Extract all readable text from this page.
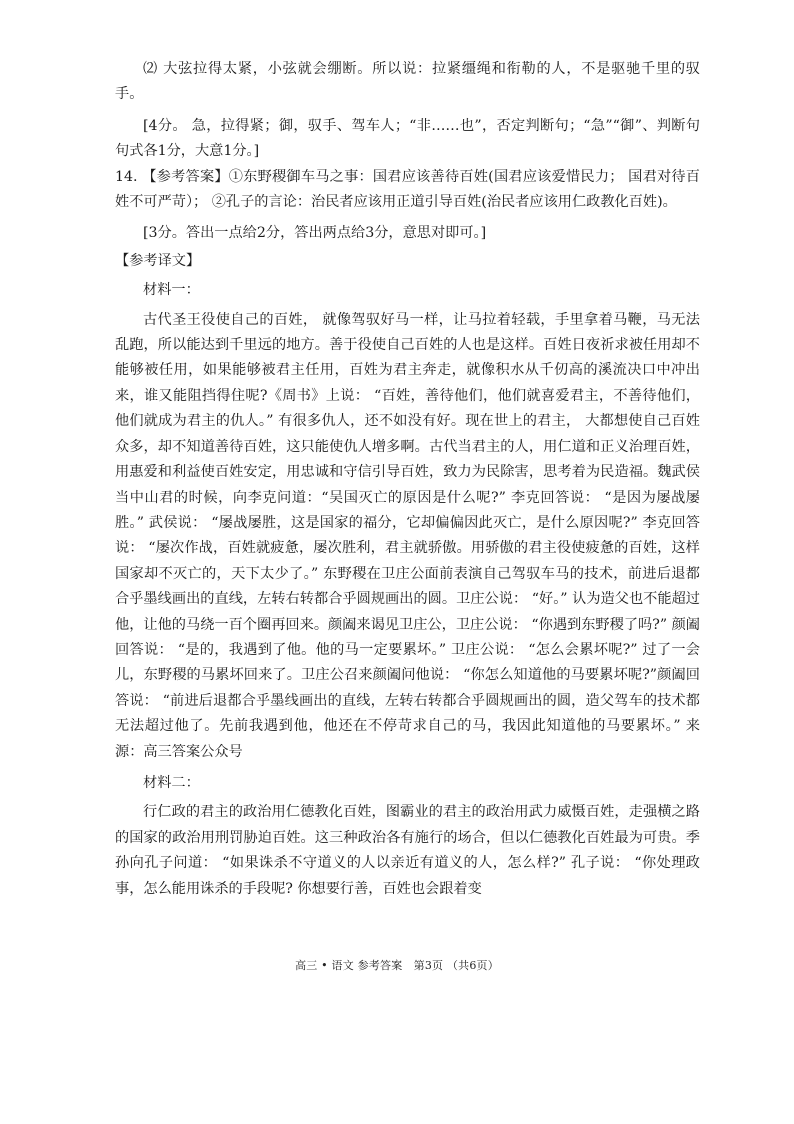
⑵ 大弦拉得太紧，小弦就会绷断。所以说：拉紧缰绳和衔勒的人，不是驱驰千里的驭手。

[4分。 急，拉得紧；御，驭手、驾车人；“非……也”，否定判断句；“急”“御”、判断句句式各1分，大意1分。]

14. 【参考答案】①东野稷御车马之事：国君应该善待百姓(国君应该爱惜民力； 国君对待百姓不可严苛）； ②孔子的言论：治民者应该用正道引导百姓(治民者应该用仁政教化百姓)。

[3分。答出一点给2分，答出两点给3分，意思对即可。]

【参考译文】

材料一：

古代圣王役使自己的百姓， 就像驾驭好马一样，让马拉着轻载，手里拿着马鞭，马无法乱跑，所以能达到千里远的地方。善于役使自己百姓的人也是这样。百姓日夜祈求被任用却不能够被任用，如果能够被君主任用，百姓为君主奔走，就像积水从千仞高的溪流决口中冲出来，谁又能阻挡得住呢?《周书》上说： “百姓，善待他们，他们就喜爱君主，不善待他们，他们就成为君主的仇人。” 有很多仇人，还不如没有好。现在世上的君主， 大都想使自己百姓众多，却不知道善待百姓，这只能使仇人增多啊。古代当君主的人，用仁道和正义治理百姓，用惠爱和利益使百姓安定，用忠诚和守信引导百姓，致力为民除害，思考着为民造福。魏武侯当中山君的时候，向李克问道：“吴国灭亡的原因是什么呢?” 李克回答说： “是因为屡战屡胜。” 武侯说： “屡战屡胜，这是国家的福分，它却偏偏因此灭亡，是什么原因呢?” 李克回答说： “屡次作战，百姓就疲惫，屡次胜利，君主就骄傲。用骄傲的君主役使疲惫的百姓，这样国家却不灭亡的，天下太少了。” 东野稷在卫庄公面前表演自己驾驭车马的技术，前进后退都合乎墨线画出的直线，左转右转都合乎圆规画出的圆。卫庄公说： “好。” 认为造父也不能超过他，让他的马绕一百个圈再回来。颜阖来谒见卫庄公，卫庄公说： “你遇到东野稷了吗?” 颜阖回答说： “是的，我遇到了他。他的马一定要累坏。” 卫庄公说： “怎么会累坏呢?” 过了一会儿，东野稷的马累坏回来了。卫庄公召来颜阖问他说： “你怎么知道他的马要累坏呢?”颜阖回答说： “前进后退都合乎墨线画出的直线，左转右转都合乎圆规画出的圆，造父驾车的技术都无法超过他了。先前我遇到他，他还在不停苛求自己的马，我因此知道他的马要累坏。” 来源：高三答案公众号

材料二：

行仁政的君主的政治用仁德教化百姓，图霸业的君主的政治用武力威慑百姓，走强横之路的国家的政治用刑罚胁迫百姓。这三种政治各有施行的场合，但以仁德教化百姓最为可贵。季孙向孔子问道： “如果诛杀不守道义的人以亲近有道义的人，怎么样?” 孔子说： “你处理政事，怎么能用诛杀的手段呢? 你想要行善，百姓也会跟着变

高三 • 语文 参考答案　第3页 （共6页）
